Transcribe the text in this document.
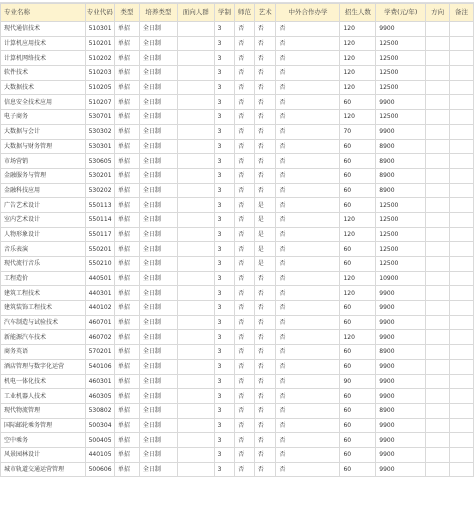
专业名称	专业代码	类型	培养类型	面向人群	学制	师范	艺术	中外合作办学	招生人数	学费(元/年)	方向	备注
现代通信技术	510301	单招	全日制		3	否	否	否	120	9900		
计算机应用技术	510201	单招	全日制		3	否	否	否	120	12500		
计算机网络技术	510202	单招	全日制		3	否	否	否	120	12500		
软件技术	510203	单招	全日制		3	否	否	否	120	12500		
大数据技术	510205	单招	全日制		3	否	否	否	120	12500		
信息安全技术应用	510207	单招	全日制		3	否	否	否	60	9900		
电子商务	530701	单招	全日制		3	否	否	否	120	12500		
大数据与会计	530302	单招	全日制		3	否	否	否	70	9900		
大数据与财务管理	530301	单招	全日制		3	否	否	否	60	8900		
市场营销	530605	单招	全日制		3	否	否	否	60	8900		
金融服务与管理	530201	单招	全日制		3	否	否	否	60	8900		
金融科技应用	530202	单招	全日制		3	否	否	否	60	8900		
广告艺术设计	550113	单招	全日制		3	否	是	否	60	12500		
室内艺术设计	550114	单招	全日制		3	否	是	否	120	12500		
人物形象设计	550117	单招	全日制		3	否	是	否	120	12500		
音乐表演	550201	单招	全日制		3	否	是	否	60	12500		
现代流行音乐	550210	单招	全日制		3	否	是	否	60	12500		
工程造价	440501	单招	全日制		3	否	否	否	120	10900		
建筑工程技术	440301	单招	全日制		3	否	否	否	120	9900		
建筑装饰工程技术	440102	单招	全日制		3	否	否	否	60	9900		
汽车制造与试验技术	460701	单招	全日制		3	否	否	否	60	9900		
新能源汽车技术	460702	单招	全日制		3	否	否	否	120	9900		
商务英语	570201	单招	全日制		3	否	否	否	60	8900		
酒店管理与数字化运营	540106	单招	全日制		3	否	否	否	60	9900		
机电一体化技术	460301	单招	全日制		3	否	否	否	90	9900		
工业机器人技术	460305	单招	全日制		3	否	否	否	60	9900		
现代物流管理	530802	单招	全日制		3	否	否	否	60	8900		
国际邮轮乘务管理	500304	单招	全日制		3	否	否	否	60	9900		
空中乘务	500405	单招	全日制		3	否	否	否	60	9900		
风景园林设计	440105	单招	全日制		3	否	否	否	60	9900		
城市轨道交通运营管理	500606	单招	全日制		3	否	否	否	60	9900		
